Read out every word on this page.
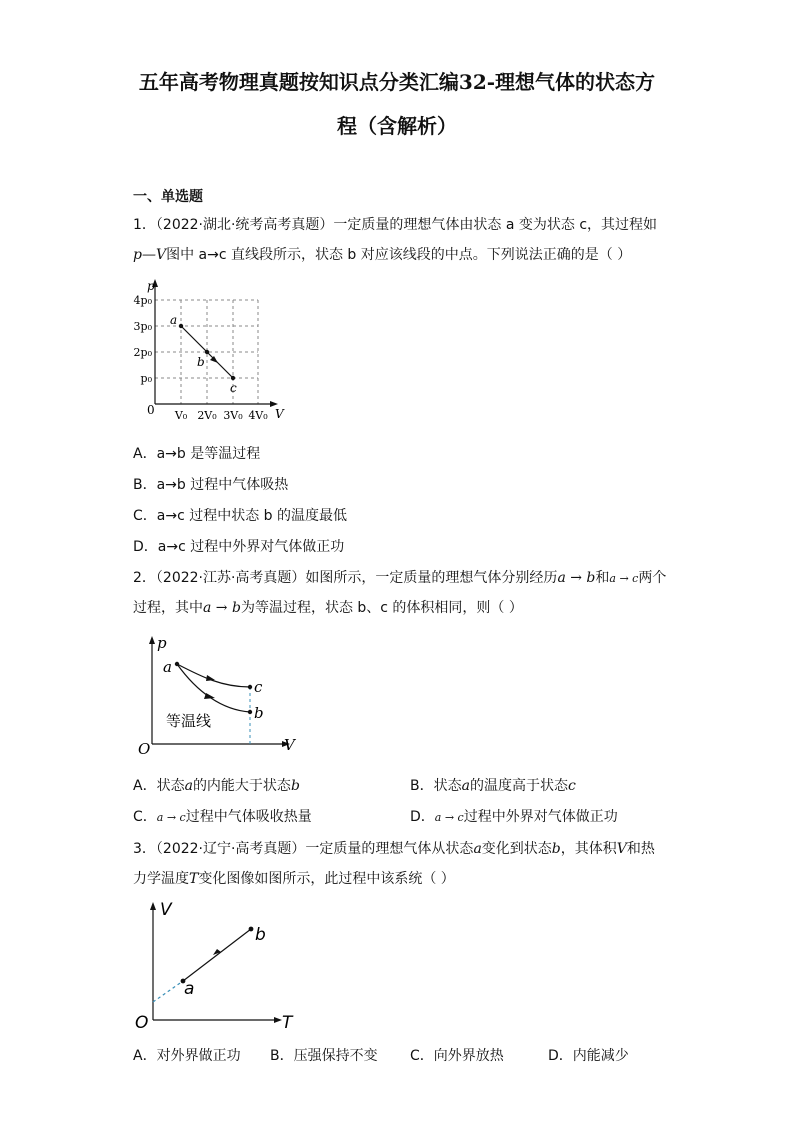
五年高考物理真题按知识点分类汇编32-理想气体的状态方
程（含解析）
一、单选题
1．（2022·湖北·统考高考真题）一定质量的理想气体由状态 a 变为状态 c，其过程如
p—V图中 a→c 直线段所示，状态 b 对应该线段的中点。下列说法正确的是（ ）
p
V
0
4p₀
3p₀
2p₀
p₀
V₀ 2V₀ 3V₀ 4V₀
a
b
c
A．a→b 是等温过程
B．a→b 过程中气体吸热
C．a→c 过程中状态 b 的温度最低
D．a→c 过程中外界对气体做正功
2．（2022·江苏·高考真题）如图所示，一定质量的理想气体分别经历a → b和a → c两个
过程，其中a → b为等温过程，状态 b、c 的体积相同，则（ ）
p
V
O
a
c
b
等温线
A．状态a的内能大于状态b	B．状态a的温度高于状态c
C．a → c过程中气体吸收热量	D．a → c过程中外界对气体做正功
3．（2022·辽宁·高考真题）一定质量的理想气体从状态a变化到状态b，其体积V和热
力学温度T变化图像如图所示，此过程中该系统（ ）
V
T
O
a
b
A．对外界做正功 B．压强保持不变 C．向外界放热	D．内能减少
